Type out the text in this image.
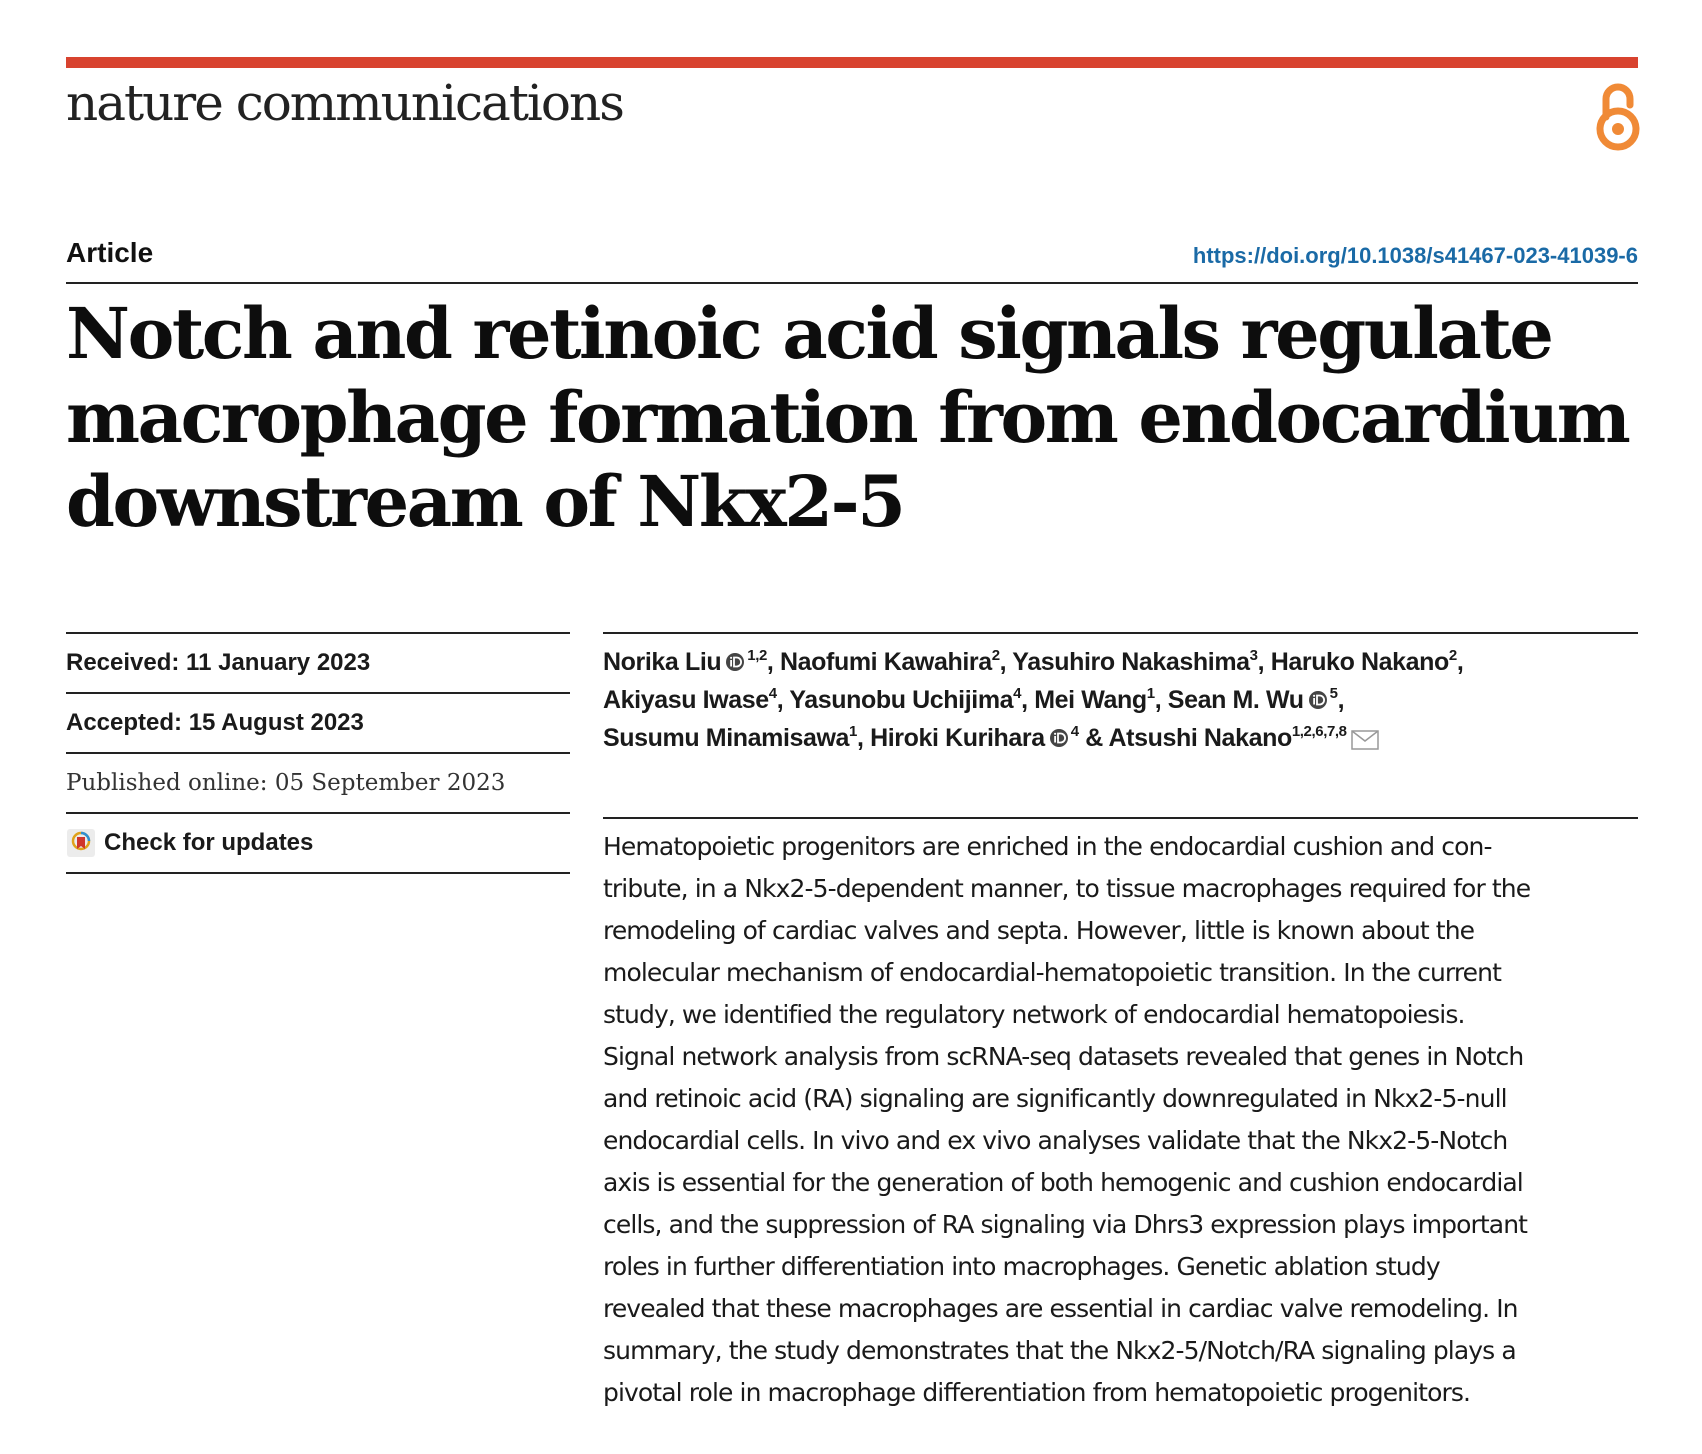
nature communications
Article	https://doi.org/10.1038/s41467-023-41039-6
Notch and retinoic acid signals regulate
macrophage formation from endocardium
downstream of Nkx2-5
Received: 11 January 2023
Accepted: 15 August 2023
Published online: 05 September 2023
Check for updates
Norika Liu $^{1,2}$, Naofumi Kawahira$^2$, Yasuhiro Nakashima$^3$, Haruko Nakano$^2$,
Akiyasu Iwase$^4$, Yasunobu Uchijima$^4$, Mei Wang$^1$, Sean M. Wu $^5$,
Susumu Minamisawa$^1$, Hiroki Kurihara $^4$ & Atsushi Nakano$^{1,2,6,7,8}$
Hematopoietic progenitors are enriched in the endocardial cushion and con-
tribute, in a Nkx2-5-dependent manner, to tissue macrophages required for the
remodeling of cardiac valves and septa. However, little is known about the
molecular mechanism of endocardial-hematopoietic transition. In the current
study, we identified the regulatory network of endocardial hematopoiesis.
Signal network analysis from scRNA-seq datasets revealed that genes in Notch
and retinoic acid (RA) signaling are significantly downregulated in Nkx2-5-null
endocardial cells. In vivo and ex vivo analyses validate that the Nkx2-5-Notch
axis is essential for the generation of both hemogenic and cushion endocardial
cells, and the suppression of RA signaling via Dhrs3 expression plays important
roles in further differentiation into macrophages. Genetic ablation study
revealed that these macrophages are essential in cardiac valve remodeling. In
summary, the study demonstrates that the Nkx2-5/Notch/RA signaling plays a
pivotal role in macrophage differentiation from hematopoietic progenitors.
